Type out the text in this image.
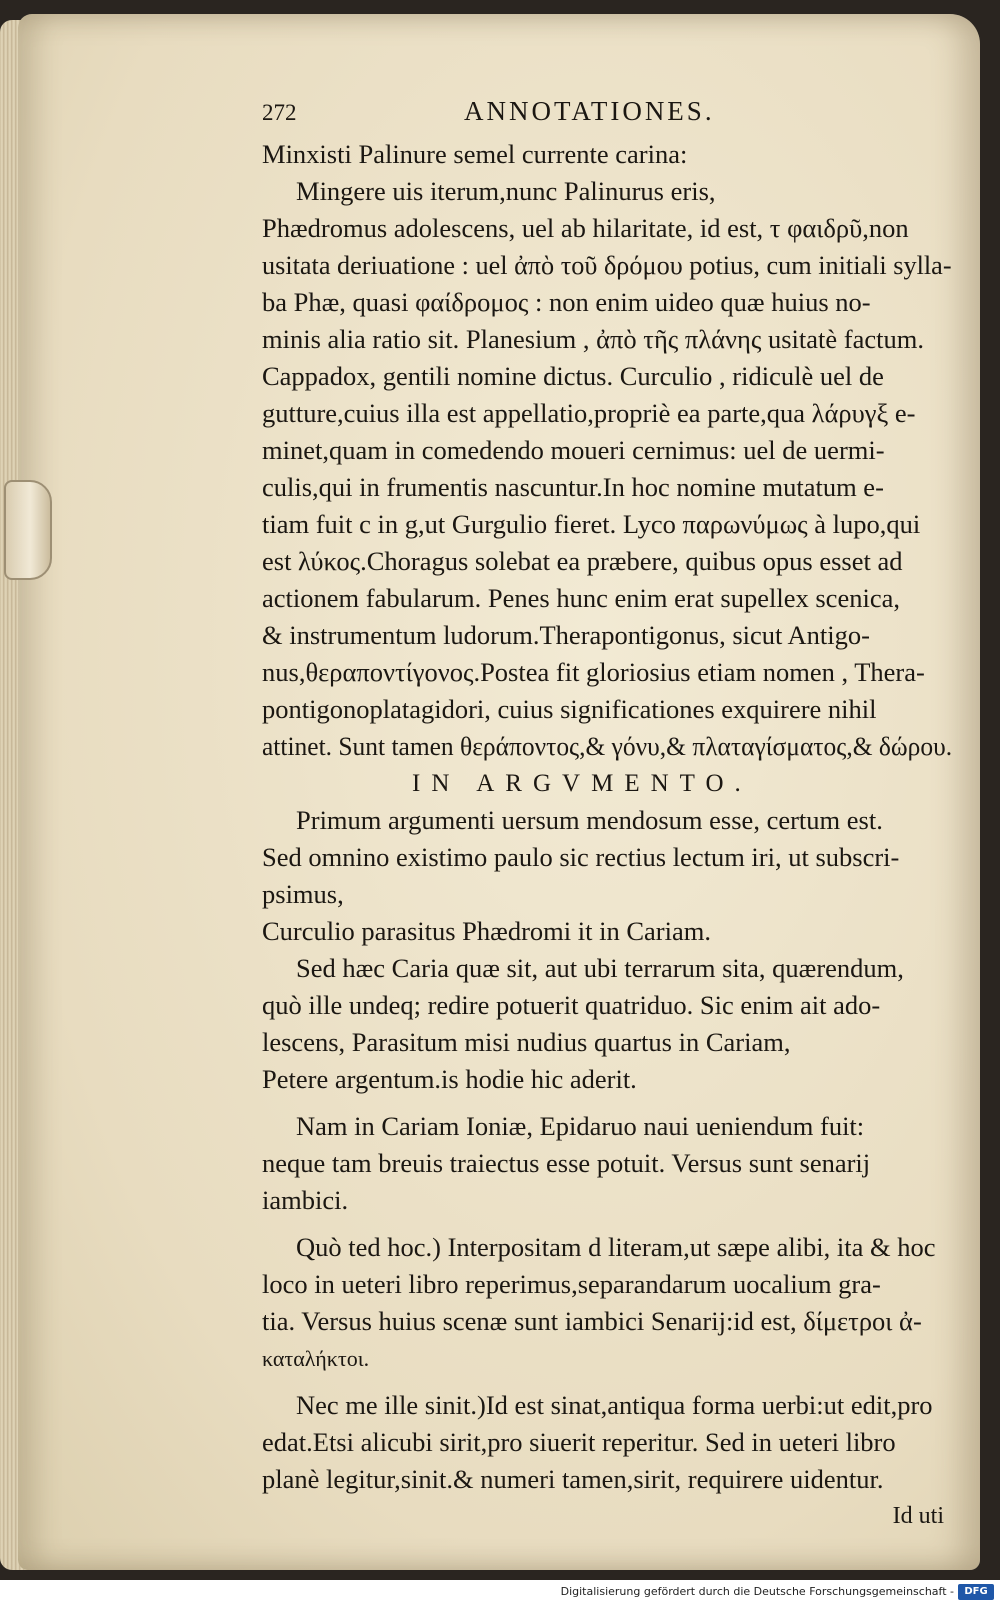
272	ANNOTATIONES.
Minxisti Palinure semel currente carina:
Mingere uis iterum,nunc Palinurus eris,
Phædromus adolescens, uel ab hilaritate, id est, τ φαιδρῦ,non
usitata deriuatione : uel ἀπὸ τοῦ δρόμου potius, cum initiali sylla-
ba Phæ, quasi φαίδρομος : non enim uideo quæ huius no-
minis alia ratio sit. Planesium , ἀπὸ τῆς πλάνης usitatè factum.
Cappadox, gentili nomine dictus. Curculio , ridiculè uel de
gutture,cuius illa est appellatio,propriè ea parte,qua λάρυγξ e-
minet,quam in comedendo moueri cernimus: uel de uermi-
culis,qui in frumentis nascuntur.In hoc nomine mutatum e-
tiam fuit c in g,ut Gurgulio fieret. Lyco παρωνύμως à lupo,qui
est λύκος.Choragus solebat ea præbere, quibus opus esset ad
actionem fabularum. Penes hunc enim erat supellex scenica,
& instrumentum ludorum.Therapontigonus, sicut Antigo-
nus,θεραποντίγονος.Postea fit gloriosius etiam nomen , Thera-
pontigonoplatagidori, cuius significationes exquirere nihil
attinet. Sunt tamen θεράποντος,& γόνυ,& πλαταγίσματος,& δώρου.
IN ARGVMENTO.
Primum argumenti uersum mendosum esse, certum est.
Sed omnino existimo paulo sic rectius lectum iri, ut subscri-
psimus,
Curculio parasitus Phædromi it in Cariam.
Sed hæc Caria quæ sit, aut ubi terrarum sita, quærendum,
quò ille undeq; redire potuerit quatriduo. Sic enim ait ado-
lescens, Parasitum misi nudius quartus in Cariam,
Petere argentum.is hodie hic aderit.
Nam in Cariam Ioniæ, Epidaruo naui ueniendum fuit:
neque tam breuis traiectus esse potuit. Versus sunt senarij
iambici.
Quò ted hoc.) Interpositam d literam,ut sæpe alibi, ita & hoc
loco in ueteri libro reperimus,separandarum uocalium gra-
tia. Versus huius scenæ sunt iambici Senarij:id est, δίμετροι ἀ-
καταλήκτοι.
Nec me ille sinit.)Id est sinat,antiqua forma uerbi:ut edit,pro
edat.Etsi alicubi sirit,pro siuerit reperitur. Sed in ueteri libro
planè legitur,sinit.& numeri tamen,sirit, requirere uidentur.
Id uti
Digitalisierung gefördert durch die Deutsche Forschungsgemeinschaft -	DFG
